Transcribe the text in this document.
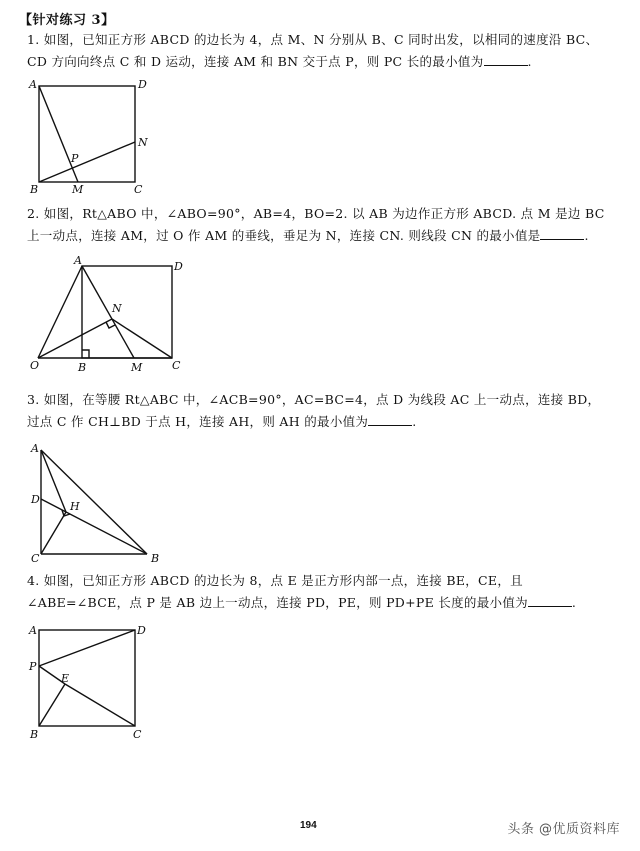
【针对练习 3】
1. 如图，已知正方形 ABCD 的边长为 4，点 M、N 分别从 B、C 同时出发，以相同的速度沿 BC、CD 方向向终点 C 和 D 运动，连接 AM 和 BN 交于点 P，则 PC 长的最小值为	.
A	D
N
P
B	M	C
2. 如图，Rt△ABO 中，∠ABO=90°，AB=4，BO=2. 以 AB 为边作正方形 ABCD. 点 M 是边 BC 上一动点，连接 AM，过 O 作 AM 的垂线，垂足为 N，连接 CN. 则线段 CN 的最小值是	.
A	D
N
O	B	M	C
3. 如图，在等腰 Rt△ABC 中，∠ACB=90°，AC=BC=4，点 D 为线段 AC 上一动点，连接 BD，过点 C 作 CH⊥BD 于点 H，连接 AH，则 AH 的最小值为	.
A
D
H
C	B
4. 如图，已知正方形 ABCD 的边长为 8，点 E 是正方形内部一点，连接 BE，CE，且∠ABE=∠BCE，点 P 是 AB 边上一动点，连接 PD，PE，则 PD+PE 长度的最小值为	.
A	D
P
E
B	C
194	头条 @优质资料库
